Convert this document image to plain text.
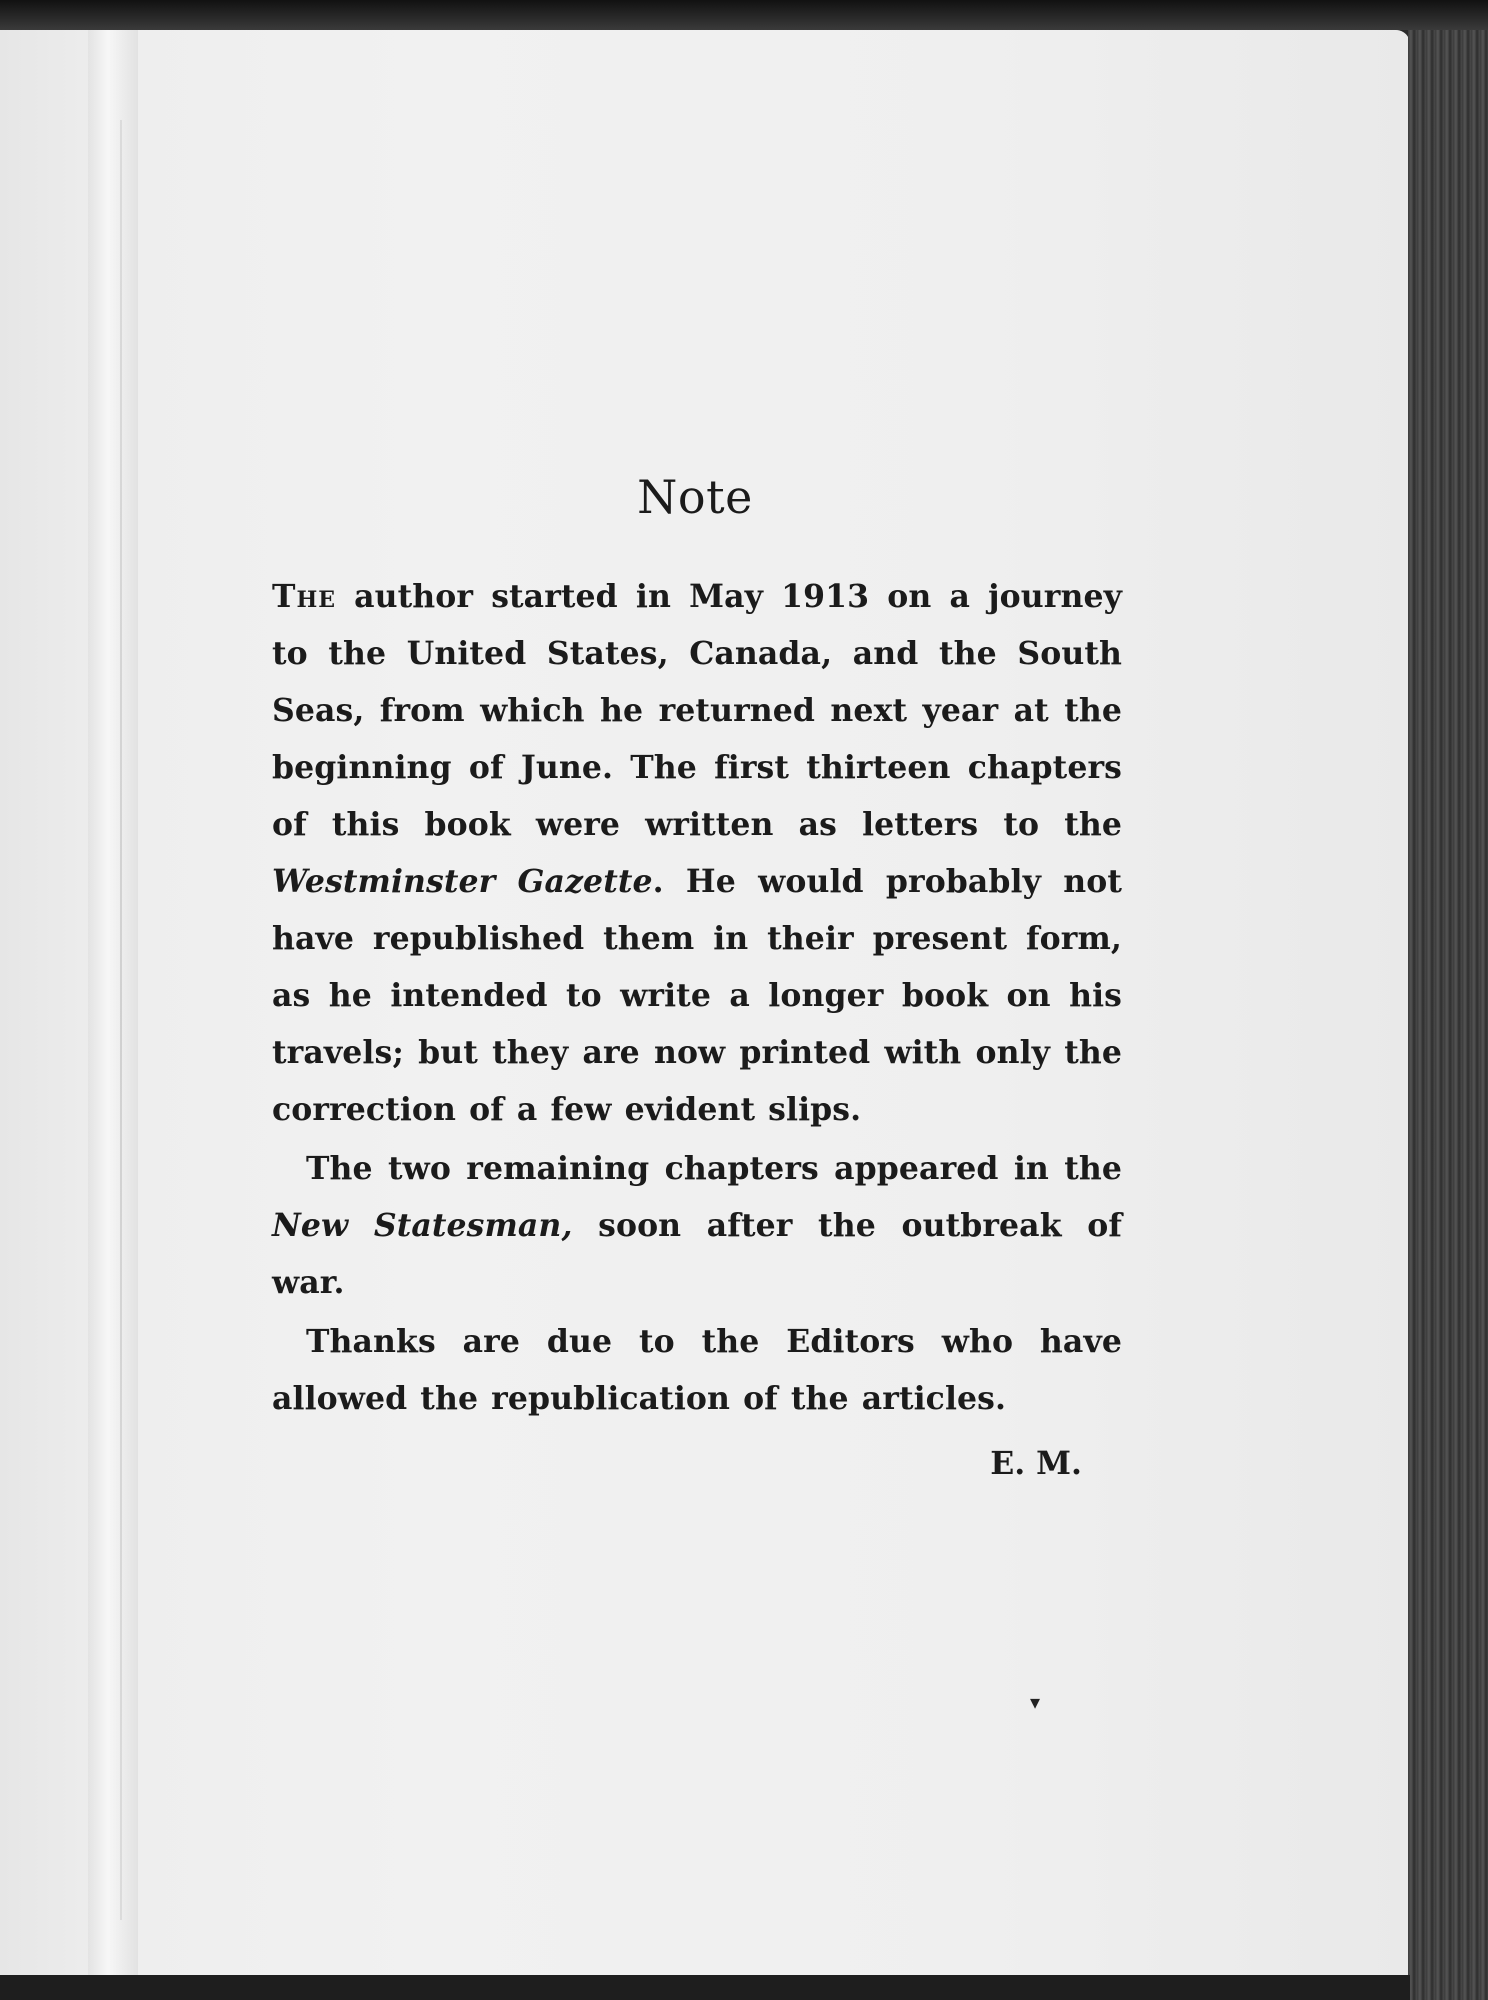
Note

The author started in May 1913 on a journey to the United States, Canada, and the South Seas, from which he returned next year at the beginning of June. The first thirteen chapters of this book were written as letters to the Westminster Gazette. He would probably not have republished them in their present form, as he intended to write a longer book on his travels; but they are now printed with only the correction of a few evident slips.

The two remaining chapters appeared in the New Statesman, soon after the outbreak of war.

Thanks are due to the Editors who have allowed the republication of the articles.

E. M.
▾
